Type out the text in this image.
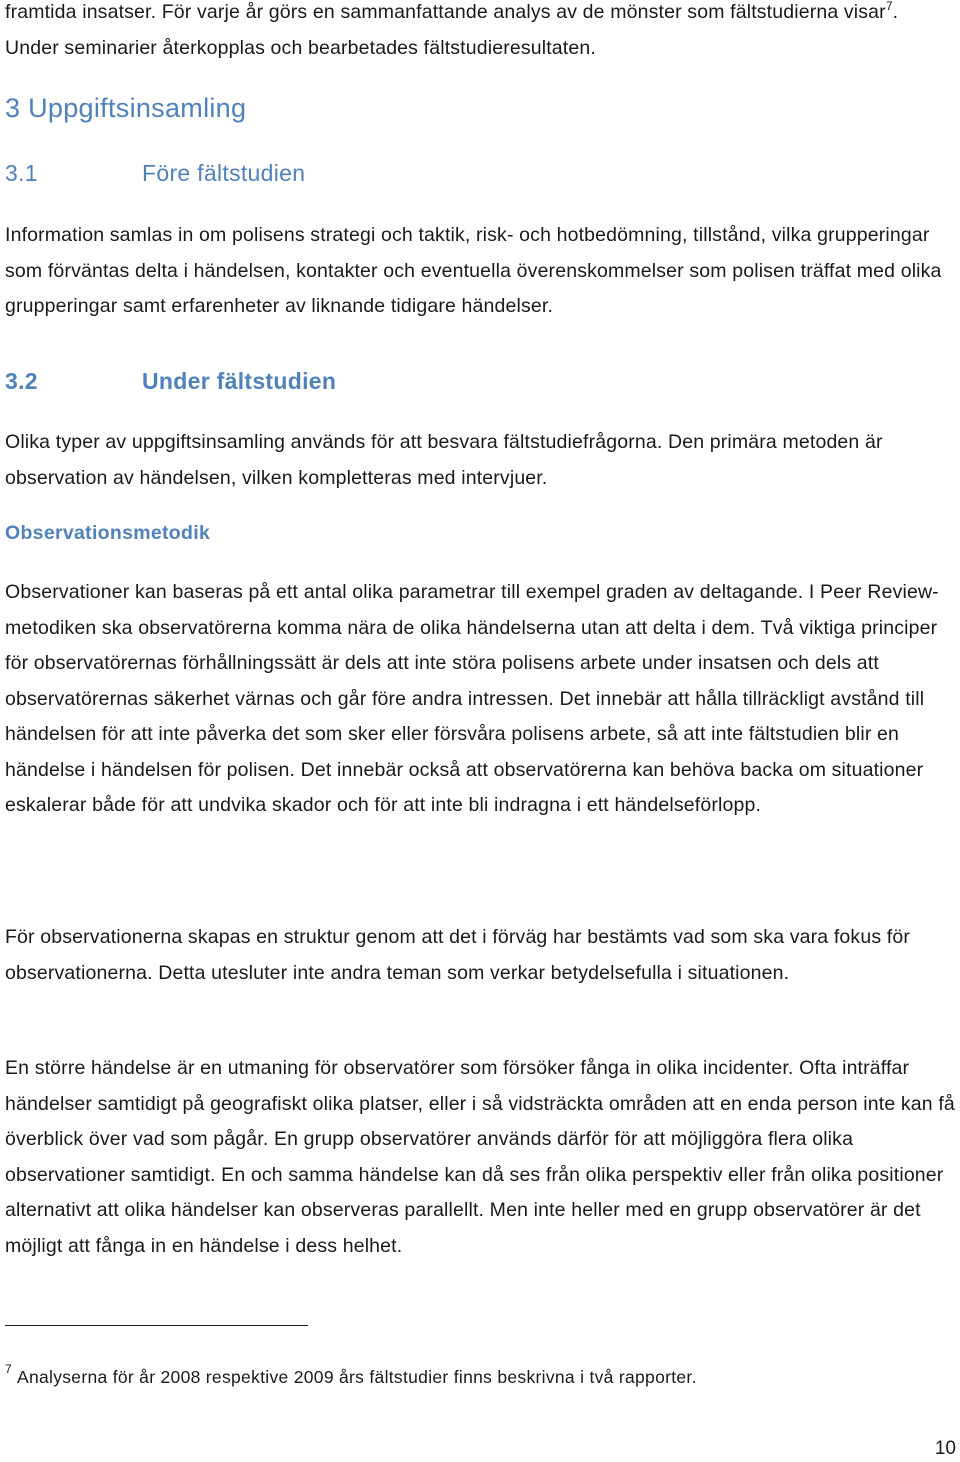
framtida insatser. För varje år görs en sammanfattande analys av de mönster som fältstudierna visar$^7$. Under seminarier återkopplas och bearbetades fältstudieresultaten.

3 Uppgiftsinsamling
3.1	Före fältstudien

Information samlas in om polisens strategi och taktik, risk- och hotbedömning, tillstånd, vilka grupperingar som förväntas delta i händelsen, kontakter och eventuella överenskommelser som polisen träffat med olika grupperingar samt erfarenheter av liknande tidigare händelser.

3.2	Under fältstudien

Olika typer av uppgiftsinsamling används för att besvara fältstudiefrågorna. Den primära metoden är observation av händelsen, vilken kompletteras med intervjuer.

Observationsmetodik

Observationer kan baseras på ett antal olika parametrar till exempel graden av deltagande. I Peer Review-metodiken ska observatörerna komma nära de olika händelserna utan att delta i dem. Två viktiga principer för observatörernas förhållningssätt är dels att inte störa polisens arbete under insatsen och dels att observatörernas säkerhet värnas och går före andra intressen. Det innebär att hålla tillräckligt avstånd till händelsen för att inte påverka det som sker eller försvåra polisens arbete, så att inte fältstudien blir en händelse i händelsen för polisen. Det innebär också att observatörerna kan behöva backa om situationer eskalerar både för att undvika skador och för att inte bli indragna i ett händelseförlopp.

För observationerna skapas en struktur genom att det i förväg har bestämts vad som ska vara fokus för observationerna. Detta utesluter inte andra teman som verkar betydelsefulla i situationen.

En större händelse är en utmaning för observatörer som försöker fånga in olika incidenter. Ofta inträffar händelser samtidigt på geografiskt olika platser, eller i så vidsträckta områden att en enda person inte kan få överblick över vad som pågår. En grupp observatörer används därför för att möjliggöra flera olika observationer samtidigt. En och samma händelse kan då ses från olika perspektiv eller från olika positioner alternativt att olika händelser kan observeras parallellt. Men inte heller med en grupp observatörer är det möjligt att fånga in en händelse i dess helhet.

$^7$ Analyserna för år 2008 respektive 2009 års fältstudier finns beskrivna i två rapporter.

10
